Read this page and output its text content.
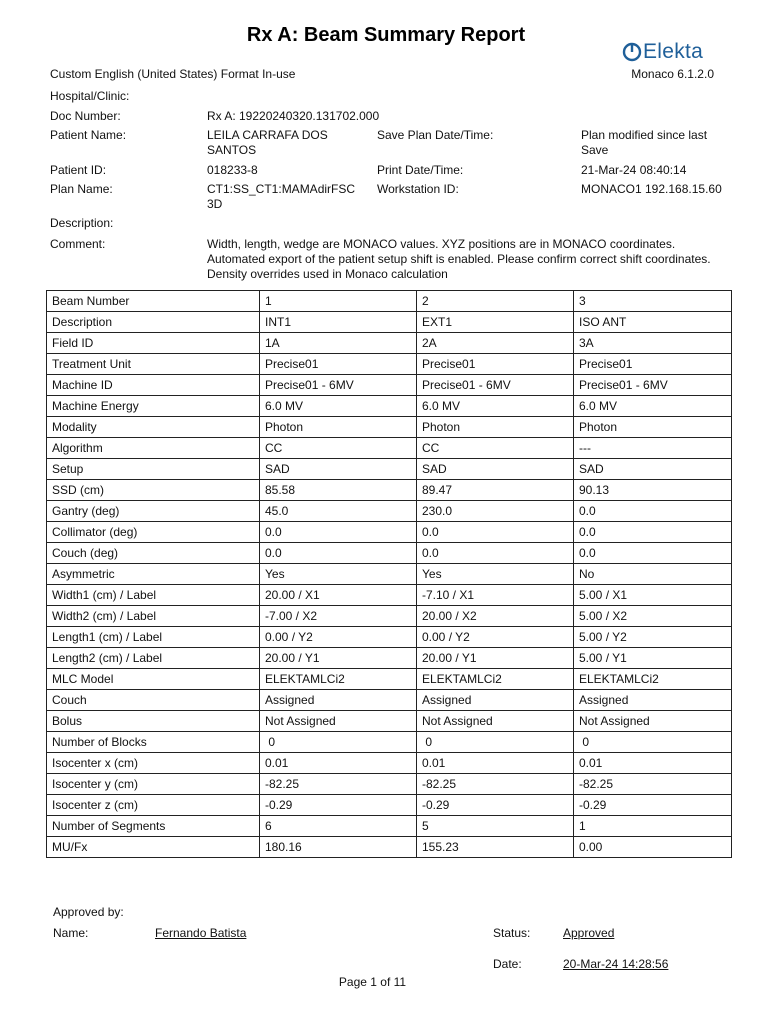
Rx A: Beam Summary Report
Elekta
Monaco 6.1.2.0
Custom English (United States) Format In-use
Hospital/Clinic:
Doc Number:	Rx A: 19220240320.131702.000
Patient Name:	LEILA CARRAFA DOS
SANTOS
Save Plan Date/Time:	Plan modified since last
Save
Patient ID:	018233-8	Print Date/Time:	21-Mar-24 08:40:14
Plan Name:	CT1:SS_CT1:MAMAdirFSC
3D
Workstation ID:	MONACO1 192.168.15.60
Description:
Comment:	Width, length, wedge are MONACO values. XYZ positions are in MONACO coordinates.
Automated export of the patient setup shift is enabled. Please confirm correct shift coordinates.
Density overrides used in Monaco calculation
Beam Number	1	2	3
Description	INT1	EXT1	ISO ANT
Field ID	1A	2A	3A
Treatment Unit	Precise01	Precise01	Precise01
Machine ID	Precise01 - 6MV	Precise01 - 6MV	Precise01 - 6MV
Machine Energy	6.0 MV	6.0 MV	6.0 MV
Modality	Photon	Photon	Photon
Algorithm	CC	CC	---
Setup	SAD	SAD	SAD
SSD (cm)	85.58	89.47	90.13
Gantry (deg)	45.0	230.0	0.0
Collimator (deg)	0.0	0.0	0.0
Couch (deg)	0.0	0.0	0.0
Asymmetric	Yes	Yes	No
Width1 (cm) / Label	20.00 / X1	-7.10 / X1	5.00 / X1
Width2 (cm) / Label	-7.00 / X2	20.00 / X2	5.00 / X2
Length1 (cm) / Label	0.00 / Y2	0.00 / Y2	5.00 / Y2
Length2 (cm) / Label	20.00 / Y1	20.00 / Y1	5.00 / Y1
MLC Model	ELEKTAMLCi2	ELEKTAMLCi2	ELEKTAMLCi2
Couch	Assigned	Assigned	Assigned
Bolus	Not Assigned	Not Assigned	Not Assigned
Number of Blocks	0	0	0
Isocenter x (cm)	0.01	0.01	0.01
Isocenter y (cm)	-82.25	-82.25	-82.25
Isocenter z (cm)	-0.29	-0.29	-0.29
Number of Segments	6	5	1
MU/Fx	180.16	155.23	0.00
Approved by:
Name:	Fernando Batista	Status:	Approved
Date:	20-Mar-24 14:28:56
Page 1 of 11
